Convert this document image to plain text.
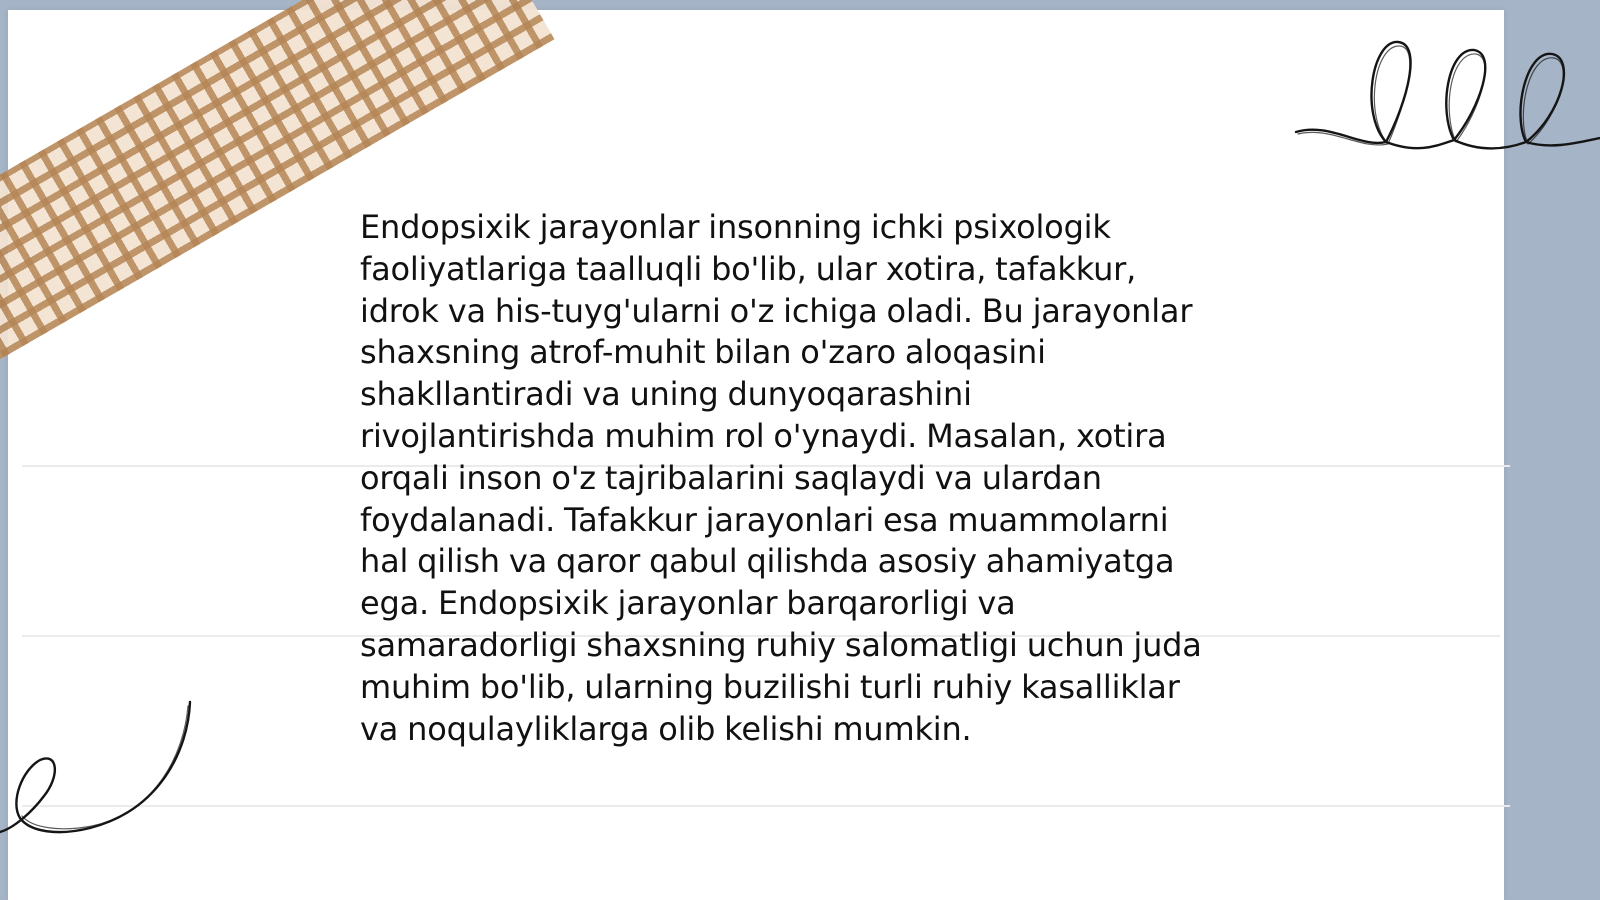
Endopsixik jarayonlar insonning ichki psixologik
faoliyatlariga taalluqli bo'lib, ular xotira, tafakkur,
idrok va his-tuyg'ularni o'z ichiga oladi. Bu jarayonlar
shaxsning atrof-muhit bilan o'zaro aloqasini
shakllantiradi va uning dunyoqarashini
rivojlantirishda muhim rol o'ynaydi. Masalan, xotira
orqali inson o'z tajribalarini saqlaydi va ulardan
foydalanadi. Tafakkur jarayonlari esa muammolarni
hal qilish va qaror qabul qilishda asosiy ahamiyatga
ega. Endopsixik jarayonlar barqarorligi va
samaradorligi shaxsning ruhiy salomatligi uchun juda
muhim bo'lib, ularning buzilishi turli ruhiy kasalliklar
va noqulayliklarga olib kelishi mumkin.
